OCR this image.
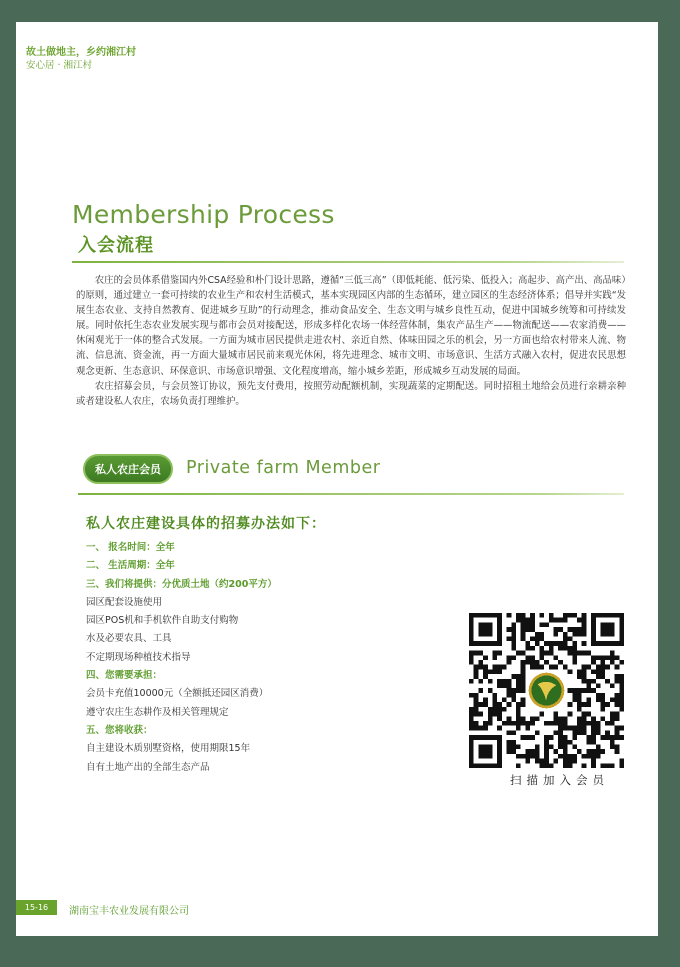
故土做地主，乡约湘江村
安心居 · 湘江村
Membership Process
入会流程

农庄的会员体系借鉴国内外CSA经验和朴门设计思路，遵循“三低三高”（即低耗能、低污染、低投入；高起步、高产出、高品味）的原则，通过建立一套可持续的农业生产和农村生活模式，基本实现园区内部的生态循环，建立园区的生态经济体系；倡导并实践“发展生态农业、支持自然教育、促进城乡互助”的行动理念，推动食品安全、生态文明与城乡良性互动，促进中国城乡统筹和可持续发展。同时依托生态农业发展实现与都市会员对接配送，形成多样化农场一体经营体制，集农产品生产——物流配送——农家消费——休闲观光于一体的整合式发展。一方面为城市居民提供走进农村、亲近自然、体味田园之乐的机会，另一方面也给农村带来人流、物流、信息流、资金流，再一方面大量城市居民前来观光休闲，将先进理念、城市文明、市场意识、生活方式融入农村，促进农民思想观念更新、生态意识、环保意识、市场意识增强、文化程度增高，缩小城乡差距，形成城乡互动发展的局面。

农庄招募会员，与会员签订协议，预先支付费用，按照劳动配额机制，实现蔬菜的定期配送。同时招租土地给会员进行亲耕亲种或者建设私人农庄，农场负责打理维护。

私人农庄会员	Private farm Member
私人农庄建设具体的招募办法如下：
一、 报名时间：全年
二、 生活周期：全年
三、我们将提供：分优质土地（约200平方）
园区配套设施使用
园区POS机和手机软件自助支付购物
水及必要农具、工具
不定期现场种植技术指导
四、您需要承担：
会员卡充值10000元（全额抵还园区消费）
遵守农庄生态耕作及相关管理规定
五、您将收获：
自主建设木质别墅资格，使用期限15年
自有土地产出的全部生态产品
扫描加入会员
15-16	湖南宝丰农业发展有限公司
